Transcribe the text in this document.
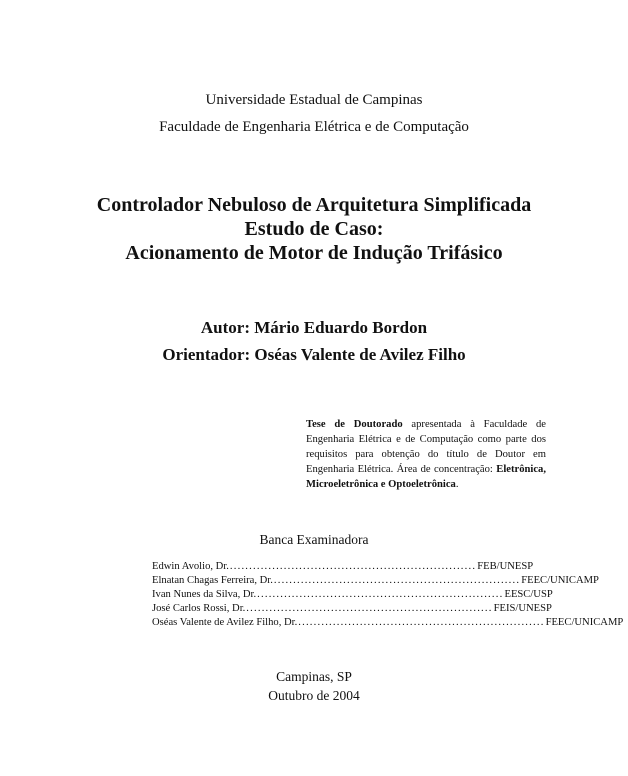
Universidade Estadual de Campinas
Faculdade de Engenharia Elétrica e de Computação
Controlador Nebuloso de Arquitetura Simplificada
Estudo de Caso:
Acionamento de Motor de Indução Trifásico
Autor: Mário Eduardo Bordon
Orientador: Oséas Valente de Avilez Filho
Tese de Doutorado apresentada à Faculdade de Engenharia Elétrica e de Computação como parte dos requisitos para obtenção do título de Doutor em Engenharia Elétrica. Área de concentração: Eletrônica, Microeletrônica e Optoeletrônica.
Banca Examinadora
Edwin Avolio, Dr. ................................................................ FEB/UNESP
Elnatan Chagas Ferreira, Dr. ................................................................ FEEC/UNICAMP
Ivan Nunes da Silva, Dr. ................................................................ EESC/USP
José Carlos Rossi, Dr. ................................................................ FEIS/UNESP
Oséas Valente de Avilez Filho, Dr. ................................................................ FEEC/UNICAMP
Campinas, SP
Outubro de 2004
